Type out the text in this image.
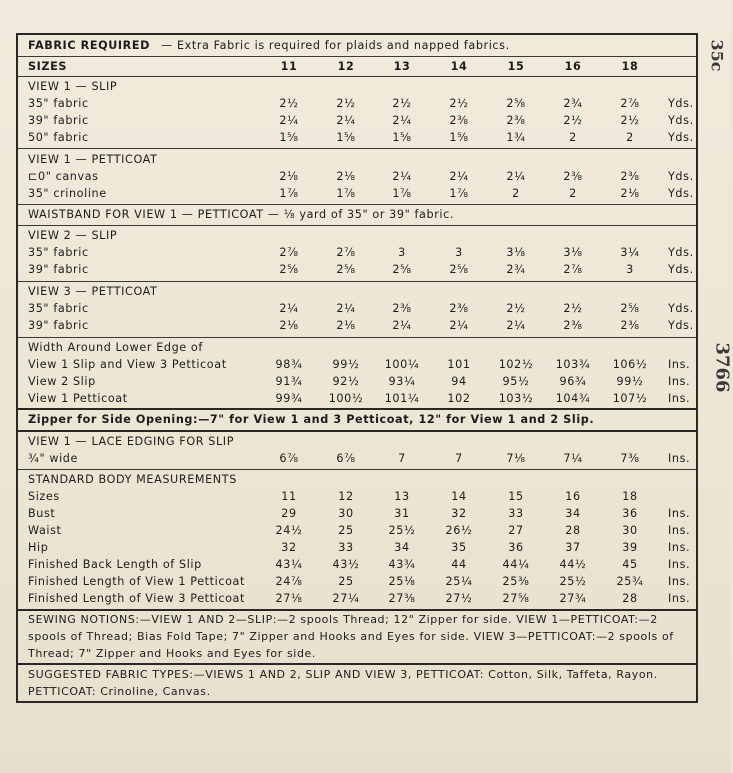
35c
3766
FABRIC REQUIRED — Extra Fabric is required for plaids and napped fabrics.
SIZES	11	12	13	14	15	16	18
VIEW 1 — SLIP
35" fabric	2½	2½	2½	2½	2⅝	2¾	2⅞	Yds.
39" fabric	2¼	2¼	2¼	2⅜	2⅜	2½	2½	Yds.
50" fabric	1⅝	1⅝	1⅝	1⅝	1¾	2	2	Yds.
VIEW 1 — PETTICOAT
⊏0" canvas	2⅛	2⅛	2¼	2¼	2¼	2⅜	2⅜	Yds.
35" crinoline	1⅞	1⅞	1⅞	1⅞	2	2	2⅛	Yds.
WAISTBAND FOR VIEW 1 — PETTICOAT — ⅛ yard of 35" or 39" fabric.
VIEW 2 — SLIP
35" fabric	2⅞	2⅞	3	3	3⅛	3⅛	3¼	Yds.
39" fabric	2⅝	2⅝	2⅝	2⅝	2¾	2⅞	3	Yds.
VIEW 3 — PETTICOAT
35" fabric	2¼	2¼	2⅜	2⅜	2½	2½	2⅝	Yds.
39" fabric	2⅛	2⅛	2¼	2¼	2¼	2⅜	2⅜	Yds.
Width Around Lower Edge of
View 1 Slip and View 3 Petticoat	98¾	99½	100¼	101	102½ 103¾ 106½ Ins.
View 2 Slip	91¾	92½	93¼	94	95½	96¾	99½	Ins.
View 1 Petticoat	99¾	100½ 101¼	102	103½ 104¾ 107½ Ins.
Zipper for Side Opening:—7" for View 1 and 3 Petticoat, 12" for View 1 and 2 Slip.
VIEW 1 — LACE EDGING FOR SLIP
¾" wide	6⅞	6⅞	7	7	7⅛	7¼	7⅜	Ins.
STANDARD BODY MEASUREMENTS
Sizes	11	12	13	14	15	16	18
Bust	29	30	31	32	33	34	36	Ins.
Waist	24½	25	25½	26½	27	28	30	Ins.
Hip	32	33	34	35	36	37	39	Ins.
Finished Back Length of Slip	43¼	43½	43¾	44	44¼	44½	45	Ins.
Finished Length of View 1 Petticoat	24⅞	25	25⅛	25¼	25⅜	25½	25¾	Ins.
Finished Length of View 3 Petticoat	27⅛	27¼	27⅜	27½	27⅝	27¾	28	Ins.
SEWING NOTIONS:—VIEW 1 AND 2—SLIP:—2 spools Thread; 12" Zipper for side. VIEW 1—PETTICOAT:—2 spools of Thread; Bias Fold Tape; 7" Zipper and Hooks and Eyes for side. VIEW 3—PETTICOAT:—2 spools of Thread; 7" Zipper and Hooks and Eyes for side.
SUGGESTED FABRIC TYPES:—VIEWS 1 AND 2, SLIP AND VIEW 3, PETTICOAT: Cotton, Silk, Taffeta, Rayon. PETTICOAT: Crinoline, Canvas.
